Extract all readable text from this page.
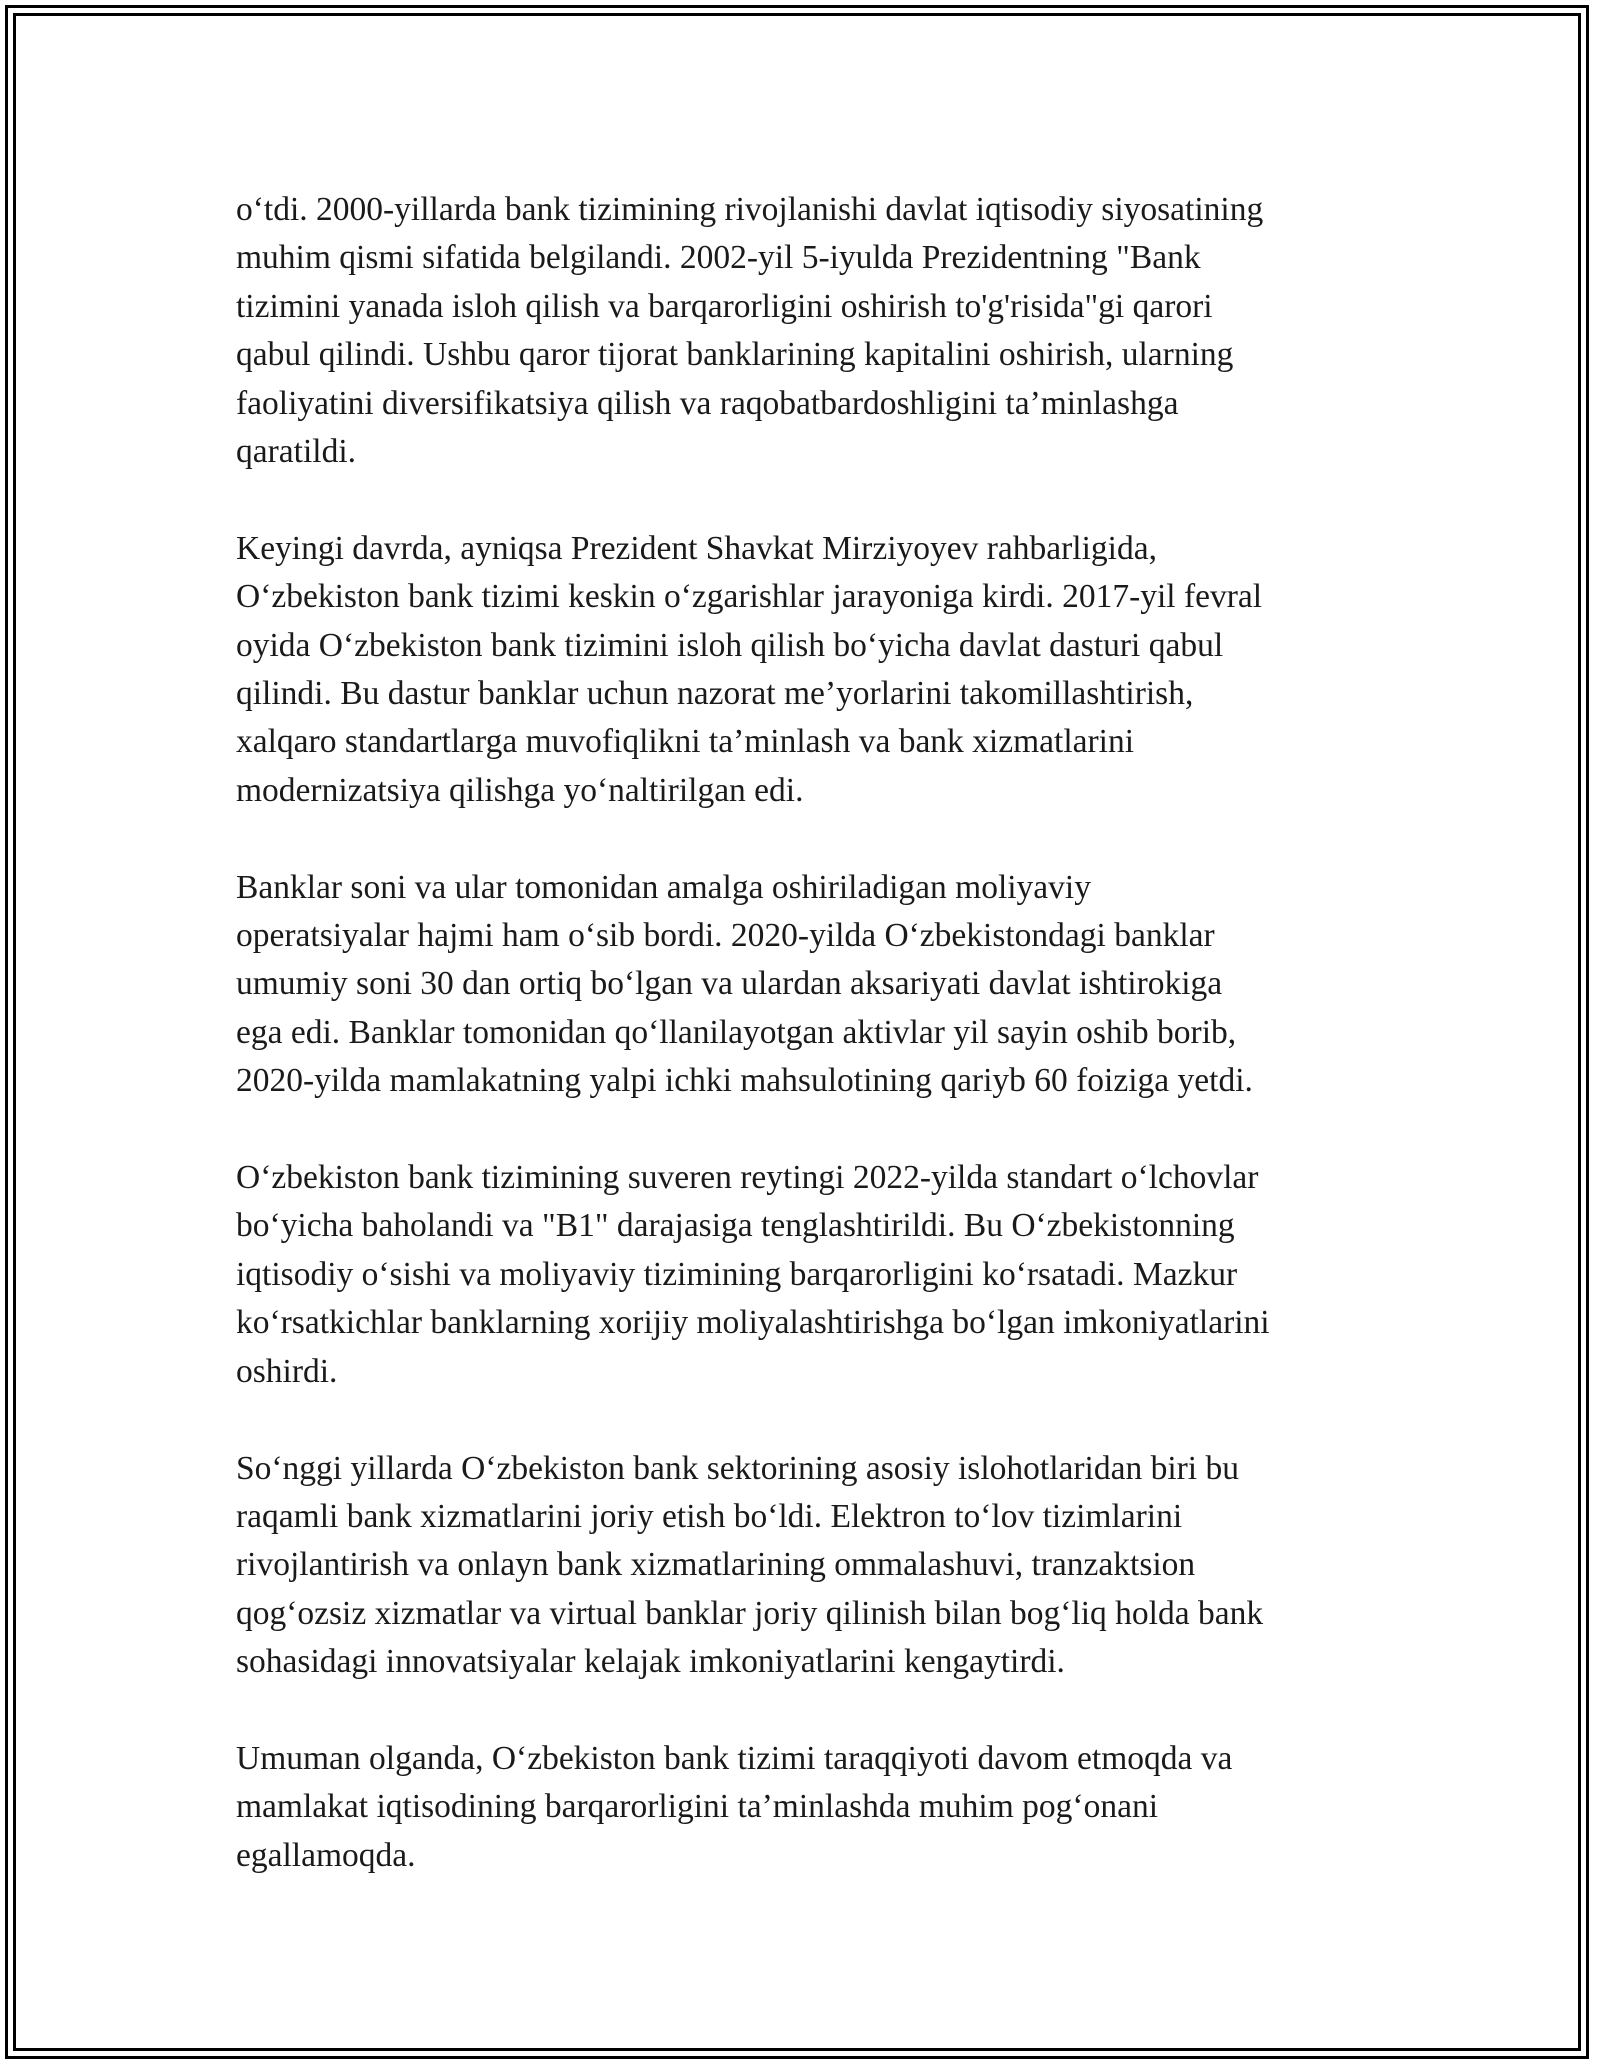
o‘tdi. 2000-yillarda bank tizimining rivojlanishi davlat iqtisodiy siyosatining
muhim qismi sifatida belgilandi. 2002-yil 5-iyulda Prezidentning "Bank
tizimini yanada isloh qilish va barqarorligini oshirish to'g'risida"gi qarori
qabul qilindi. Ushbu qaror tijorat banklarining kapitalini oshirish, ularning
faoliyatini diversifikatsiya qilish va raqobatbardoshligini ta’minlashga
qaratildi.

Keyingi davrda, ayniqsa Prezident Shavkat Mirziyoyev rahbarligida,
O‘zbekiston bank tizimi keskin o‘zgarishlar jarayoniga kirdi. 2017-yil fevral
oyida O‘zbekiston bank tizimini isloh qilish bo‘yicha davlat dasturi qabul
qilindi. Bu dastur banklar uchun nazorat me’yorlarini takomillashtirish,
xalqaro standartlarga muvofiqlikni ta’minlash va bank xizmatlarini
modernizatsiya qilishga yo‘naltirilgan edi.

Banklar soni va ular tomonidan amalga oshiriladigan moliyaviy
operatsiyalar hajmi ham o‘sib bordi. 2020-yilda O‘zbekistondagi banklar
umumiy soni 30 dan ortiq bo‘lgan va ulardan aksariyati davlat ishtirokiga
ega edi. Banklar tomonidan qo‘llanilayotgan aktivlar yil sayin oshib borib,
2020-yilda mamlakatning yalpi ichki mahsulotining qariyb 60 foiziga yetdi.

O‘zbekiston bank tizimining suveren reytingi 2022-yilda standart o‘lchovlar
bo‘yicha baholandi va "B1" darajasiga tenglashtirildi. Bu O‘zbekistonning
iqtisodiy o‘sishi va moliyaviy tizimining barqarorligini ko‘rsatadi. Mazkur
ko‘rsatkichlar banklarning xorijiy moliyalashtirishga bo‘lgan imkoniyatlarini
oshirdi.

So‘nggi yillarda O‘zbekiston bank sektorining asosiy islohotlaridan biri bu
raqamli bank xizmatlarini joriy etish bo‘ldi. Elektron to‘lov tizimlarini
rivojlantirish va onlayn bank xizmatlarining ommalashuvi, tranzaktsion
qog‘ozsiz xizmatlar va virtual banklar joriy qilinish bilan bog‘liq holda bank
sohasidagi innovatsiyalar kelajak imkoniyatlarini kengaytirdi.

Umuman olganda, O‘zbekiston bank tizimi taraqqiyoti davom etmoqda va
mamlakat iqtisodining barqarorligini ta’minlashda muhim pog‘onani
egallamoqda.
